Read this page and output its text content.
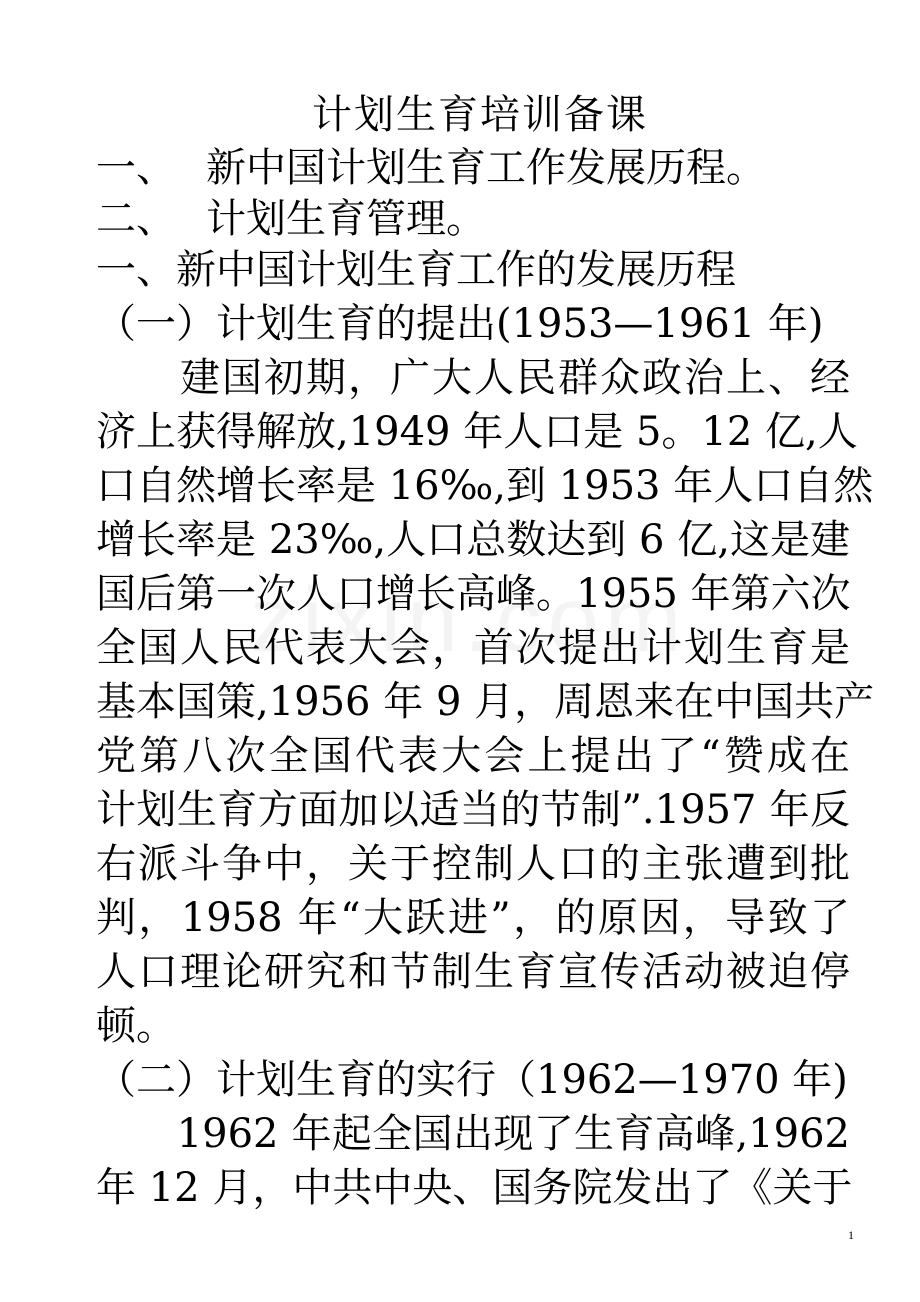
计划生育培训备课
一、 新中国计划生育工作发展历程。
二、 计划生育管理。
一、新中国计划生育工作的发展历程
（一）计划生育的提出(1953—1961 年)
　　建国初期，广大人民群众政治上、经
济上获得解放,1949 年人口是 5。12 亿,人
口自然增长率是 16‰,到 1953 年人口自然
增长率是 23‰,人口总数达到 6 亿,这是建
国后第一次人口增长高峰。1955 年第六次
全国人民代表大会，首次提出计划生育是
基本国策,1956 年 9 月，周恩来在中国共产
党第八次全国代表大会上提出了“赞成在
计划生育方面加以适当的节制”.1957 年反
右派斗争中，关于控制人口的主张遭到批
判，1958 年“大跃进”，的原因，导致了
人口理论研究和节制生育宣传活动被迫停
顿。
（二）计划生育的实行（1962—1970 年)
　　1962 年起全国出现了生育高峰,1962
年 12 月，中共中央、国务院发出了《关于
1
